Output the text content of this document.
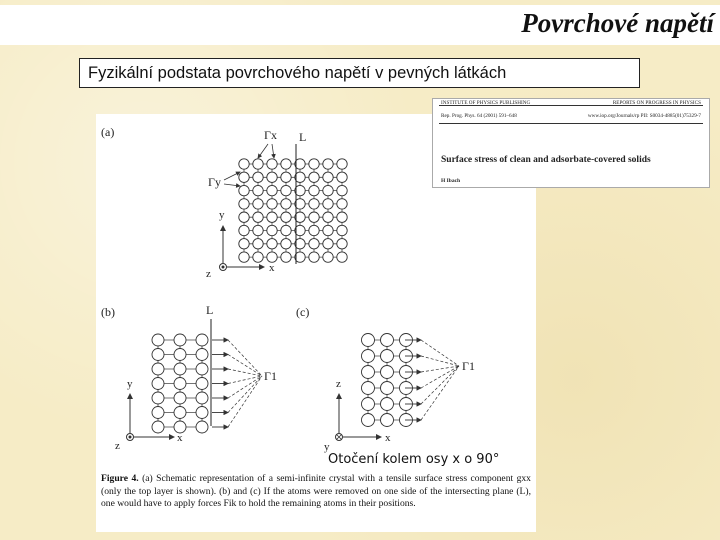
Povrchové napětí
Fyzikální podstata povrchového napětí v pevných látkách
(a)
(b)	(c)
L
Γx
Γy
y
x
z
L
Γ1
y
x
z
Γ1
z
x
y
Otočení kolem osy x o 90°
Figure 4. (a) Schematic representation of a semi-infinite crystal with a tensile surface stress component gxx (only the top layer is shown). (b) and (c) If the atoms were removed on one side of the intersecting plane (L), one would have to apply forces Fik to hold the remaining atoms in their positions.
INSTITUTE OF PHYSICS PUBLISHING	REPORTS ON PROGRESS IN PHYSICS
Rep. Prog. Phys. 64 (2001) 591–648	www.iop.org/Journals/rp PII: S0034-4885(01)75329-7
Surface stress of clean and adsorbate-covered solids
H Ibach
